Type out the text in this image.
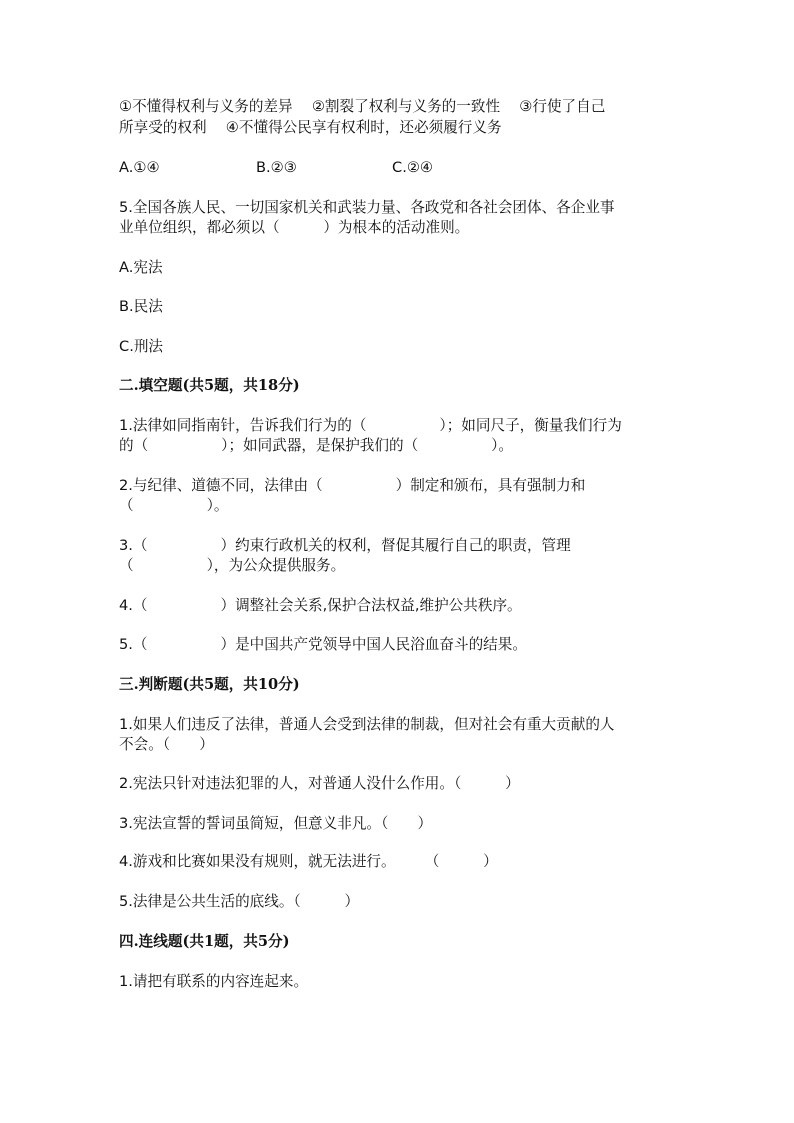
①不懂得权利与义务的差异　 ②割裂了权利与义务的一致性　 ③行使了自己
所享受的权利　 ④不懂得公民享有权利时，还必须履行义务
A.①④	B.②③	C.②④
5.全国各族人民、一切国家机关和武装力量、各政党和各社会团体、各企业事
业单位组织，都必须以（　　　）为根本的活动准则。
A.宪法
B.民法
C.刑法
二.填空题(共5题，共18分)
1.法律如同指南针，告诉我们行为的（　　　　　）；如同尺子，衡量我们行为
的（　　　　　）；如同武器，是保护我们的（　　　　　）。
2.与纪律、道德不同，法律由（　　　　　）制定和颁布，具有强制力和
（　　　　　）。
3.（　　　　　）约束行政机关的权利，督促其履行自己的职责，管理
（　　　　　），为公众提供服务。
4.（　　　　　）调整社会关系,保护合法权益,维护公共秩序。
5.（　　　　　）是中国共产党领导中国人民浴血奋斗的结果。
三.判断题(共5题，共10分)
1.如果人们违反了法律，普通人会受到法律的制裁，但对社会有重大贡献的人
不会。（　　）
2.宪法只针对违法犯罪的人，对普通人没什么作用。（　　　）
3.宪法宣誓的誓词虽简短，但意义非凡。（　　）
4.游戏和比赛如果没有规则，就无法进行。　　　（　　　）
5.法律是公共生活的底线。（　　　）
四.连线题(共1题，共5分)
1.请把有联系的内容连起来。
